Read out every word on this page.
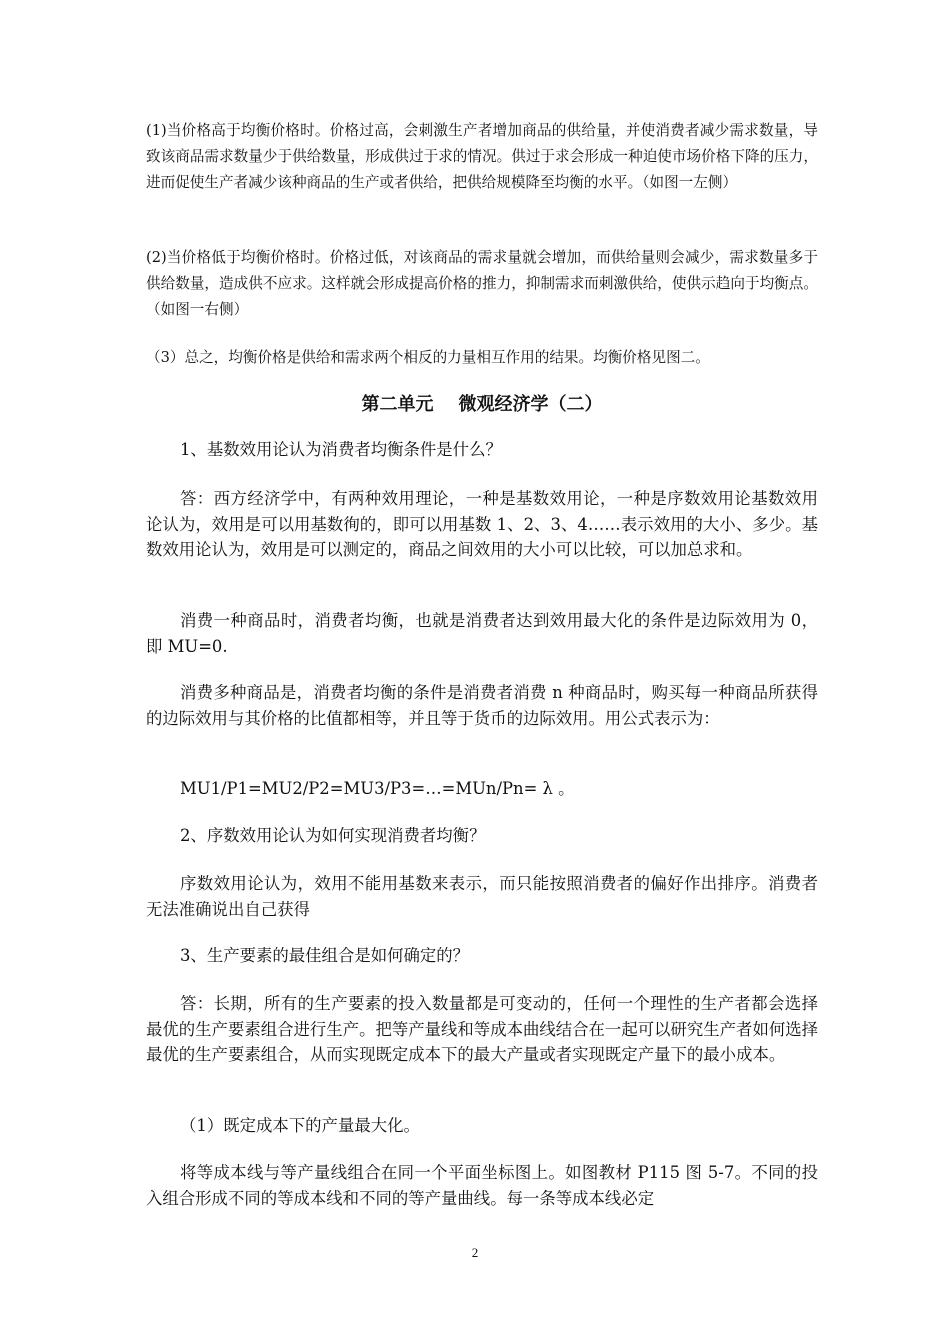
(1)当价格高于均衡价格时。价格过高，会刺激生产者增加商品的供给量，并使消费者减少需求数量，导致该商品需求数量少于供给数量，形成供过于求的情况。供过于求会形成一种迫使市场价格下降的压力，进而促使生产者减少该种商品的生产或者供给，把供给规模降至均衡的水平。（如图一左侧）

(2)当价格低于均衡价格时。价格过低，对该商品的需求量就会增加，而供给量则会减少，需求数量多于供给数量，造成供不应求。这样就会形成提高价格的推力，抑制需求而刺激供给，使供示趋向于均衡点。（如图一右侧）

（3）总之，均衡价格是供给和需求两个相反的力量相互作用的结果。均衡价格见图二。

第二单元    微观经济学（二）

1、基数效用论认为消费者均衡条件是什么？

答：西方经济学中，有两种效用理论，一种是基数效用论，一种是序数效用论基数效用论认为，效用是可以用基数徇的，即可以用基数 1、2、3、4……表示效用的大小、多少。基数效用论认为，效用是可以测定的，商品之间效用的大小可以比较，可以加总求和。

消费一种商品时，消费者均衡，也就是消费者达到效用最大化的条件是边际效用为 0，即 MU=0.

消费多种商品是，消费者均衡的条件是消费者消费 n 种商品时，购买每一种商品所获得的边际效用与其价格的比值都相等，并且等于货币的边际效用。用公式表示为：

MU1/P1=MU2/P2=MU3/P3=…=MUn/Pn= λ 。

2、序数效用论认为如何实现消费者均衡？

序数效用论认为，效用不能用基数来表示，而只能按照消费者的偏好作出排序。消费者无法准确说出自己获得

3、生产要素的最佳组合是如何确定的？

答：长期，所有的生产要素的投入数量都是可变动的，任何一个理性的生产者都会选择最优的生产要素组合进行生产。把等产量线和等成本曲线结合在一起可以研究生产者如何选择最优的生产要素组合，从而实现既定成本下的最大产量或者实现既定产量下的最小成本。

（1）既定成本下的产量最大化。

将等成本线与等产量线组合在同一个平面坐标图上。如图教材 P115 图 5-7。不同的投入组合形成不同的等成本线和不同的等产量曲线。每一条等成本线必定

2
